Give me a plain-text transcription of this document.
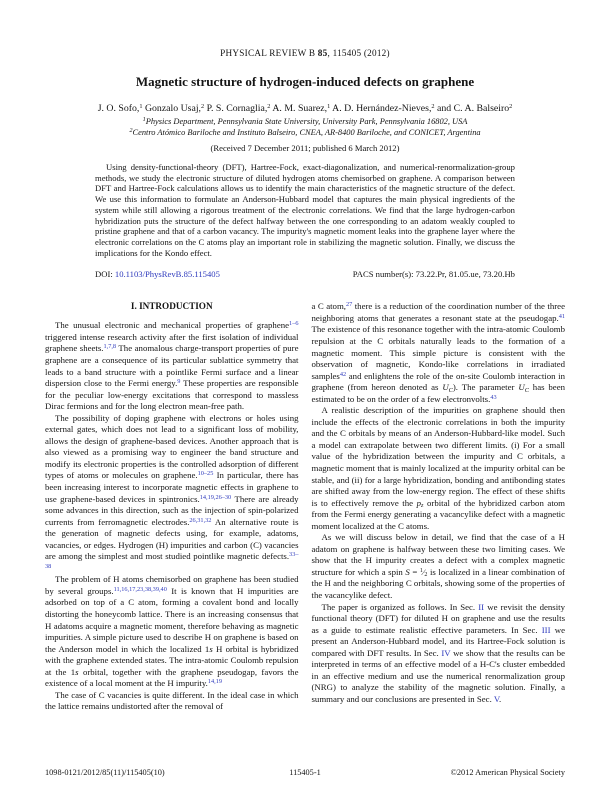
PHYSICAL REVIEW B 85, 115405 (2012)
Magnetic structure of hydrogen-induced defects on graphene
J. O. Sofo,$^1$ Gonzalo Usaj,$^2$ P. S. Cornaglia,$^2$ A. M. Suarez,$^1$ A. D. Hernández-Nieves,$^2$ and C. A. Balseiro$^2$
$^1$Physics Department, Pennsylvania State University, University Park, Pennsylvania 16802, USA
$^2$Centro Atómico Bariloche and Instituto Balseiro, CNEA, AR-8400 Bariloche, and CONICET, Argentina
(Received 7 December 2011; published 6 March 2012)
Using density-functional-theory (DFT), Hartree-Fock, exact-diagonalization, and numerical-renormalization-group methods, we study the electronic structure of diluted hydrogen atoms chemisorbed on graphene. A comparison between DFT and Hartree-Fock calculations allows us to identify the main characteristics of the magnetic structure of the defect. We use this information to formulate an Anderson-Hubbard model that captures the main physical ingredients of the system while still allowing a rigorous treatment of the electronic correlations. We find that the large hydrogen-carbon hybridization puts the structure of the defect halfway between the one corresponding to an adatom weakly coupled to pristine graphene and that of a carbon vacancy. The impurity's magnetic moment leaks into the graphene layer where the electronic correlations on the C atoms play an important role in stabilizing the magnetic solution. Finally, we discuss the implications for the Kondo effect.
DOI: 10.1103/PhysRevB.85.115405	PACS number(s): 73.22.Pr, 81.05.ue, 73.20.Hb
I. INTRODUCTION

The unusual electronic and mechanical properties of graphene$^{1-6}$ triggered intense research activity after the first isolation of individual graphene sheets.$^{1,7,8}$ The anomalous charge-transport properties of pure graphene are a consequence of its particular sublattice symmetry that leads to a band structure with a pointlike Fermi surface and a linear dispersion close to the Fermi energy.$^9$ These properties are responsible for the peculiar low-energy excitations that correspond to massless Dirac fermions and for the long electron mean-free path.

The possibility of doping graphene with electrons or holes using external gates, which does not lead to a significant loss of mobility, allows the design of graphene-based devices. Another approach that is also viewed as a promising way to engineer the band structure and modify its electronic properties is the controlled adsorption of different types of atoms or molecules on graphene.$^{10-25}$ In particular, there has been increasing interest to incorporate magnetic effects in graphene to use graphene-based devices in spintronics.$^{14,19,26-30}$ There are already some advances in this direction, such as the injection of spin-polarized currents from ferromagnetic electrodes.$^{26,31,32}$ An alternative route is the generation of magnetic defects using, for example, adatoms, vacancies, or edges. Hydrogen (H) impurities and carbon (C) vacancies are among the simplest and most studied pointlike magnetic defects.$^{33-38}$

The problem of H atoms chemisorbed on graphene has been studied by several groups.$^{11,16,17,23,38,39,40}$ It is known that H impurities are adsorbed on top of a C atom, forming a covalent bond and locally distorting the honeycomb lattice. There is an increasing consensus that H adatoms acquire a magnetic moment, therefore behaving as magnetic impurities. A simple picture used to describe H on graphene is based on the Anderson model in which the localized 1s H orbital is hybridized with the graphene extended states. The intra-atomic Coulomb repulsion at the 1s orbital, together with the graphene pseudogap, favors the existence of a local moment at the H impurity.$^{14,19}$

The case of C vacancies is quite different. In the ideal case in which the lattice remains undistorted after the removal of

a C atom,$^{27}$ there is a reduction of the coordination number of the three neighboring atoms that generates a resonant state at the pseudogap.$^{41}$ The existence of this resonance together with the intra-atomic Coulomb repulsion at the C orbitals naturally leads to the formation of a magnetic moment. This simple picture is consistent with the observation of magnetic, Kondo-like correlations in irradiated samples$^{42}$ and enlightens the role of the on-site Coulomb interaction in graphene (from hereon denoted as $U_C$). The parameter $U_C$ has been estimated to be on the order of a few electronvolts.$^{43}$

A realistic description of the impurities on graphene should then include the effects of the electronic correlations in both the impurity and the C orbitals by means of an Anderson-Hubbard-like model. Such a model can extrapolate between two different limits. (i) For a small value of the hybridization between the impurity and C orbitals, a magnetic moment that is mainly localized at the impurity orbital can be stable, and (ii) for a large hybridization, bonding and antibonding states are shifted away from the low-energy region. The effect of these shifts is to effectively remove the $p_z$ orbital of the hybridized carbon atom from the Fermi energy generating a vacancylike defect with a magnetic moment localized at the C atoms.

As we will discuss below in detail, we find that the case of a H adatom on graphene is halfway between these two limiting cases. We show that the H impurity creates a defect with a complex magnetic structure for which a spin $S = ^1⁄_2$ is localized in a linear combination of the H and the neighboring C orbitals, showing some of the properties of the vacancylike defect.

The paper is organized as follows. In Sec. II we revisit the density functional theory (DFT) for diluted H on graphene and use the results as a guide to estimate realistic effective parameters. In Sec. III we present an Anderson-Hubbard model, and its Hartree-Fock solution is compared with DFT results. In Sec. IV we show that the results can be interpreted in terms of an effective model of a H-C's cluster embedded in an effective medium and use the numerical renormalization group (NRG) to analyze the stability of the magnetic solution. Finally, a summary and our conclusions are presented in Sec. V.

1098-0121/2012/85(11)/115405(10)	115405-1	©2012 American Physical Society
